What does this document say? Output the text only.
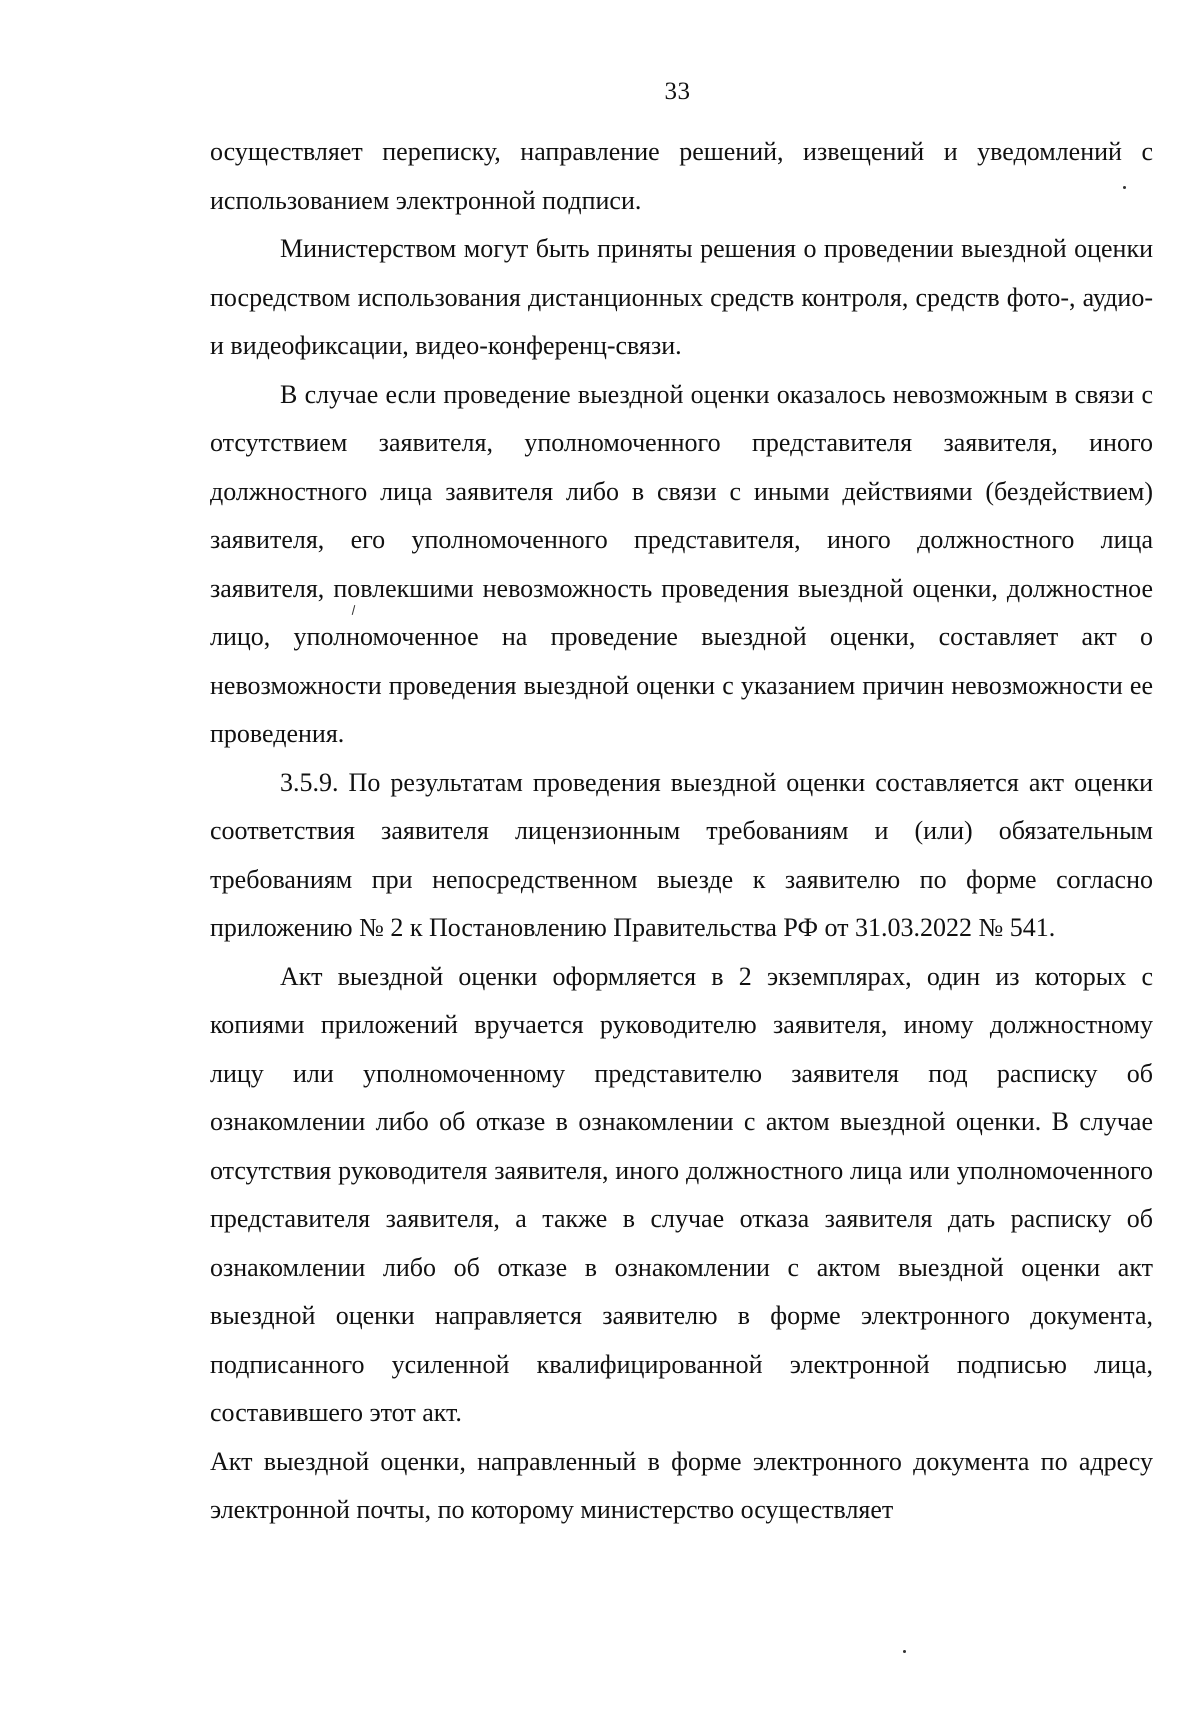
33

осуществляет переписку, направление решений, извещений и уведомлений с использованием электронной подписи.

Министерством могут быть приняты решения о проведении выездной оценки посредством использования дистанционных средств контроля, средств фото-, аудио- и видеофиксации, видео-конференц-связи.

В случае если проведение выездной оценки оказалось невозможным в связи с отсутствием заявителя, уполномоченного представителя заявителя, иного должностного лица заявителя либо в связи с иными действиями (бездействием) заявителя, его уполномоченного представителя, иного должностного лица заявителя, повлекшими невозможность проведения выездной оценки, должностное лицо, уполномоченное на проведение выездной оценки, составляет акт о невозможности проведения выездной оценки с указанием причин невозможности ее проведения.

3.5.9. По результатам проведения выездной оценки составляется акт оценки соответствия заявителя лицензионным требованиям и (или) обязательным требованиям при непосредственном выезде к заявителю по форме согласно приложению № 2 к Постановлению Правительства РФ от 31.03.2022 № 541.

Акт выездной оценки оформляется в 2 экземплярах, один из которых с копиями приложений вручается руководителю заявителя, иному должностному лицу или уполномоченному представителю заявителя под расписку об ознакомлении либо об отказе в ознакомлении с актом выездной оценки. В случае отсутствия руководителя заявителя, иного должностного лица или уполномоченного представителя заявителя, а также в случае отказа заявителя дать расписку об ознакомлении либо об отказе в ознакомлении с актом выездной оценки акт выездной оценки направляется заявителю в форме электронного документа, подписанного усиленной квалифицированной электронной подписью лица, составившего этот акт.

Акт выездной оценки, направленный в форме электронного документа по адресу электронной почты, по которому министерство осуществляет
